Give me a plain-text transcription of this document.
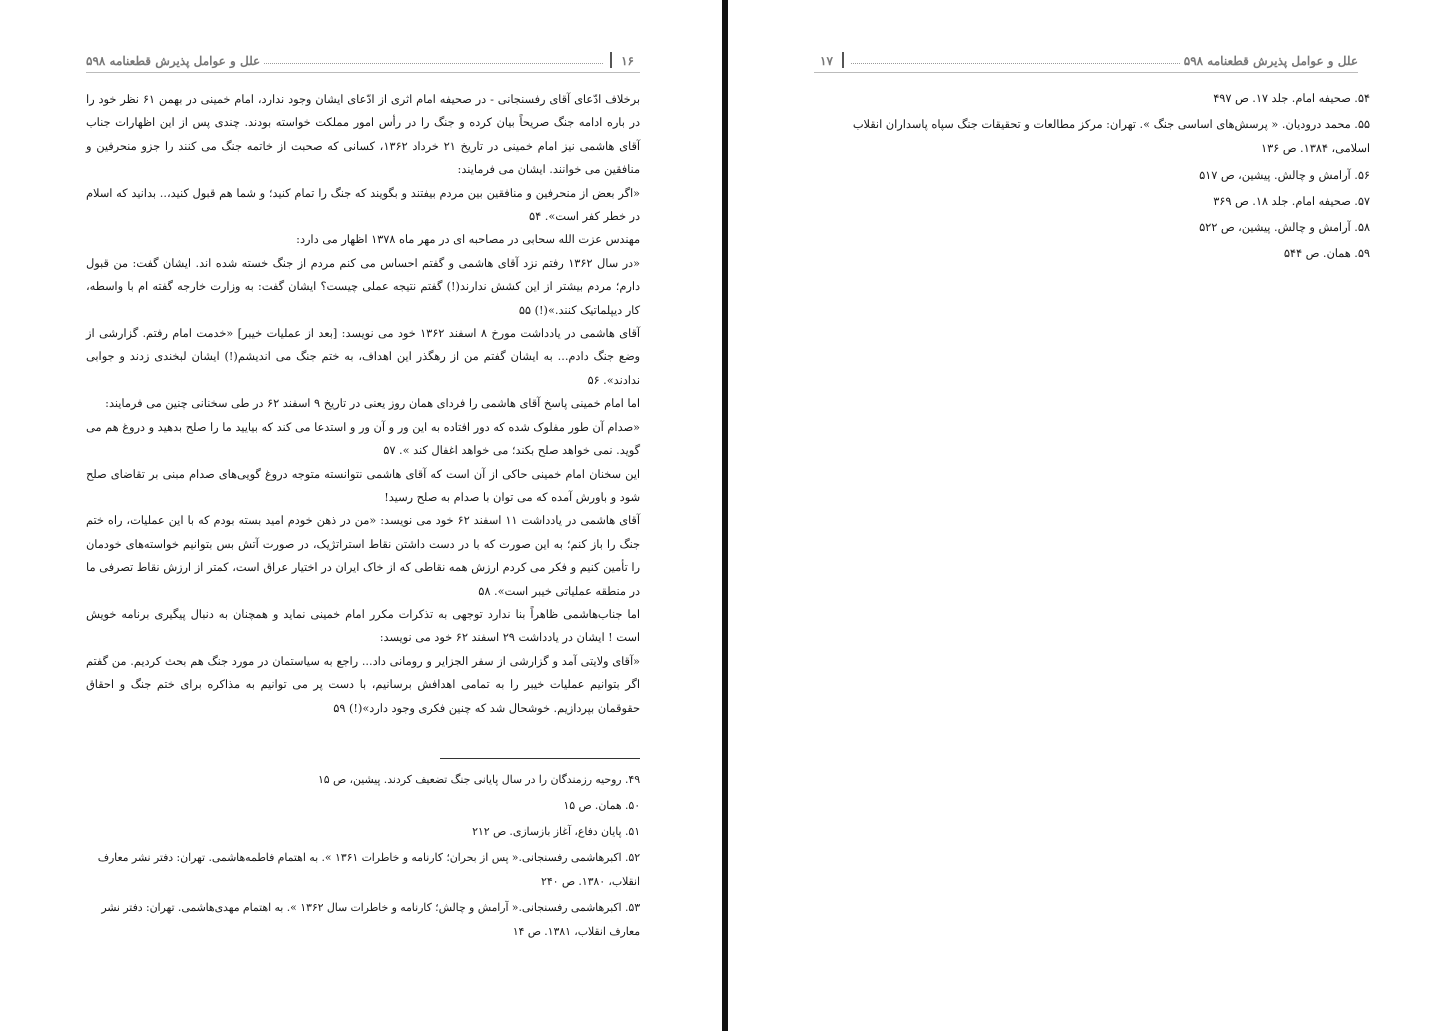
۱۶
علل و عوامل پذیرش قطعنامه ۵۹۸

برخلاف ادّعای آقای رفسنجانی - در صحیفه امام اثری از ادّعای ایشان وجود ندارد، امام خمینی در بهمن ۶۱ نظر خود را در باره ادامه جنگ صریحاً بیان کرده و جنگ را در رأس امور مملکت خواسته بودند. چندی پس از این اظهارات جناب آقای هاشمی نیز امام خمینی در تاریخ ۲۱ خرداد ۱۳۶۲، کسانی که صحبت از خاتمه جنگ می کنند را جزو منحرفین و منافقین می خوانند. ایشان می فرمایند:

«اگر بعض از منحرفین و منافقین بین مردم بیفتند و بگویند که جنگ را تمام کنید؛ و شما هم قبول کنید،.. بدانید که اسلام در خطر کفر است». ۵۴

مهندس عزت الله سحابی در مصاحبه ای در مهر ماه ۱۳۷۸ اظهار می دارد:

«در سال ۱۳۶۲ رفتم نزد آقای هاشمی و گفتم احساس می کنم مردم از جنگ خسته شده اند. ایشان گفت: من قبول دارم؛ مردم بیشتر از این کشش ندارند(!) گفتم نتیجه عملی چیست؟ ایشان گفت: به وزارت خارجه گفته ام با واسطه، کار دیپلماتیک کنند.»(!) ۵۵

آقای هاشمی در یادداشت مورخ ۸ اسفند ۱۳۶۲ خود می نویسد: [بعد از عملیات خیبر] «خدمت امام رفتم. گزارشی از وضع جنگ دادم... به ایشان گفتم من از رهگذر این اهداف، به ختم جنگ می اندیشم(!) ایشان لبخندی زدند و جوابی ندادند». ۵۶

اما امام خمینی پاسخ آقای هاشمی را فردای همان روز یعنی در تاریخ ۹ اسفند ۶۲ در طی سخنانی چنین می فرمایند:

«صدام آن طور مفلوک شده که دور افتاده به این ور و آن ور و استدعا می کند که بیایید ما را صلح بدهید و دروغ هم می گوید. نمی خواهد صلح بکند؛ می خواهد اغفال کند ». ۵۷

این سخنان امام خمینی حاکی از آن است که آقای هاشمی نتوانسته متوجه دروغ گویی‌های صدام مبنی بر تقاضای صلح شود و باورش آمده که می توان با صدام به صلح رسید!

آقای هاشمی در یادداشت ۱۱ اسفند ۶۲ خود می نویسد: «من در ذهن خودم امید بسته بودم که با این عملیات، راه ختم جنگ را باز کنم؛ به این صورت که با در دست داشتن نقاط استراتژیک، در صورت آتش بس بتوانیم خواسته‌های خودمان را تأمین کنیم و فکر می کردم ارزش همه نقاطی که از خاک ایران در اختیار عراق است، کمتر از ارزش نقاط تصرفی ما در منطقه عملیاتی خیبر است». ۵۸

اما جناب‌هاشمی ظاهراً بنا ندارد توجهی به تذکرات مکرر امام خمینی نماید و همچنان به دنبال پیگیری برنامه خویش است ! ایشان در یادداشت ۲۹ اسفند ۶۲ خود می نویسد:

«آقای ولایتی آمد و گزارشی از سفر الجزایر و رومانی داد... راجع به سیاستمان در مورد جنگ هم بحث کردیم. من گفتم اگر بتوانیم عملیات خیبر را به تمامی اهدافش برسانیم، با دست پر می توانیم به مذاکره برای ختم جنگ و احقاق حقوقمان بپردازیم. خوشحال شد که چنین فکری وجود دارد»(!) ۵۹

۴۹. روحیه رزمندگان را در سال پایانی جنگ تضعیف کردند. پیشین، ص ۱۵

۵۰. همان. ص ۱۵

۵۱. پایان دفاع، آغاز بازسازی. ص ۲۱۲

۵۲. اکبرهاشمی رفسنجانی.« پس از بحران؛ کارنامه و خاطرات ۱۳۶۱ ». به اهتمام فاطمه‌هاشمی. تهران: دفتر نشر معارف انقلاب، ۱۳۸۰. ص ۲۴۰

۵۳. اکبرهاشمی رفسنجانی.« آرامش و چالش؛ کارنامه و خاطرات سال ۱۳۶۲ ». به اهتمام مهدی‌هاشمی. تهران: دفتر نشر معارف انقلاب، ۱۳۸۱. ص ۱۴

علل و عوامل پذیرش قطعنامه ۵۹۸
۱۷

۵۴. صحیفه امام. جلد ۱۷. ص ۴۹۷

۵۵. محمد درودیان. « پرسش‌های اساسی جنگ ». تهران: مرکز مطالعات و تحقیقات جنگ سپاه پاسداران انقلاب اسلامی، ۱۳۸۴. ص ۱۳۶

۵۶. آرامش و چالش. پیشین، ص ۵۱۷

۵۷. صحیفه امام. جلد ۱۸. ص ۳۶۹

۵۸. آرامش و چالش. پیشین، ص ۵۲۲

۵۹. همان. ص ۵۴۴
